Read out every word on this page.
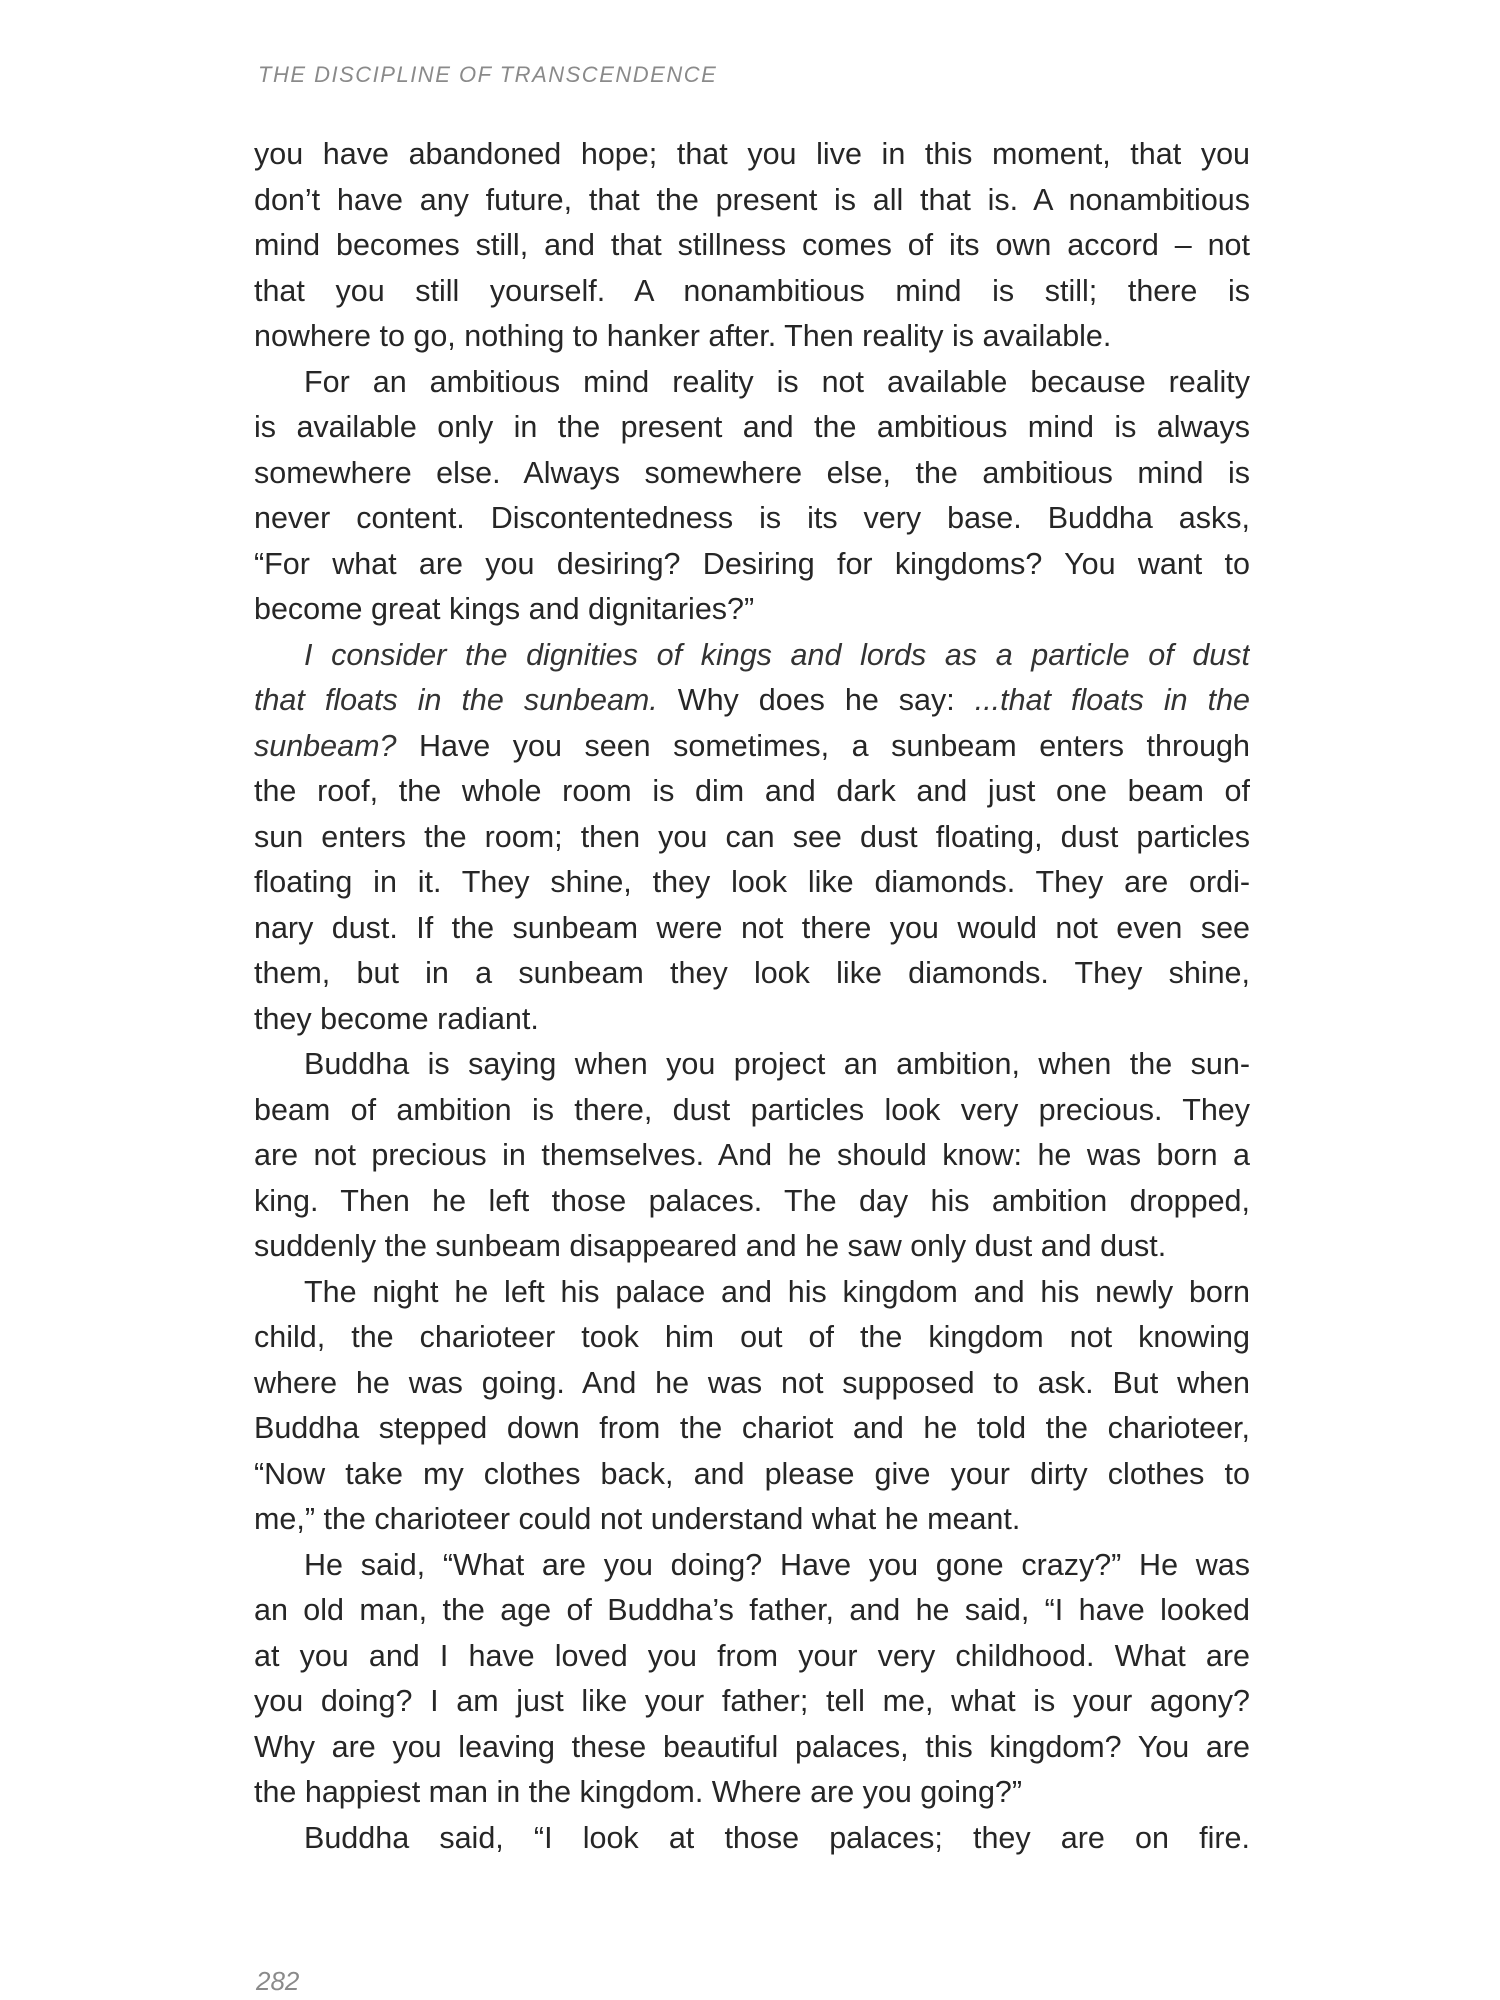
THE DISCIPLINE OF TRANSCENDENCE
you have abandoned hope; that you live in this moment, that you
don’t have any future, that the present is all that is. A nonambitious
mind becomes still, and that stillness comes of its own accord – not
that you still yourself. A nonambitious mind is still; there is
nowhere to go, nothing to hanker after. Then reality is available.
For an ambitious mind reality is not available because reality
is available only in the present and the ambitious mind is always
somewhere else. Always somewhere else, the ambitious mind is
never content. Discontentedness is its very base. Buddha asks,
“For what are you desiring? Desiring for kingdoms? You want to
become great kings and dignitaries?”
I consider the dignities of kings and lords as a particle of dust
that floats in the sunbeam. Why does he say: ...that floats in the
sunbeam? Have you seen sometimes, a sunbeam enters through
the roof, the whole room is dim and dark and just one beam of
sun enters the room; then you can see dust floating, dust particles
floating in it. They shine, they look like diamonds. They are ordi-
nary dust. If the sunbeam were not there you would not even see
them, but in a sunbeam they look like diamonds. They shine,
they become radiant.
Buddha is saying when you project an ambition, when the sun-
beam of ambition is there, dust particles look very precious. They
are not precious in themselves. And he should know: he was born a
king. Then he left those palaces. The day his ambition dropped,
suddenly the sunbeam disappeared and he saw only dust and dust.
The night he left his palace and his kingdom and his newly born
child, the charioteer took him out of the kingdom not knowing
where he was going. And he was not supposed to ask. But when
Buddha stepped down from the chariot and he told the charioteer,
“Now take my clothes back, and please give your dirty clothes to
me,” the charioteer could not understand what he meant.
He said, “What are you doing? Have you gone crazy?” He was
an old man, the age of Buddha’s father, and he said, “I have looked
at you and I have loved you from your very childhood. What are
you doing? I am just like your father; tell me, what is your agony?
Why are you leaving these beautiful palaces, this kingdom? You are
the happiest man in the kingdom. Where are you going?”
Buddha said, “I look at those palaces; they are on fire.
282
